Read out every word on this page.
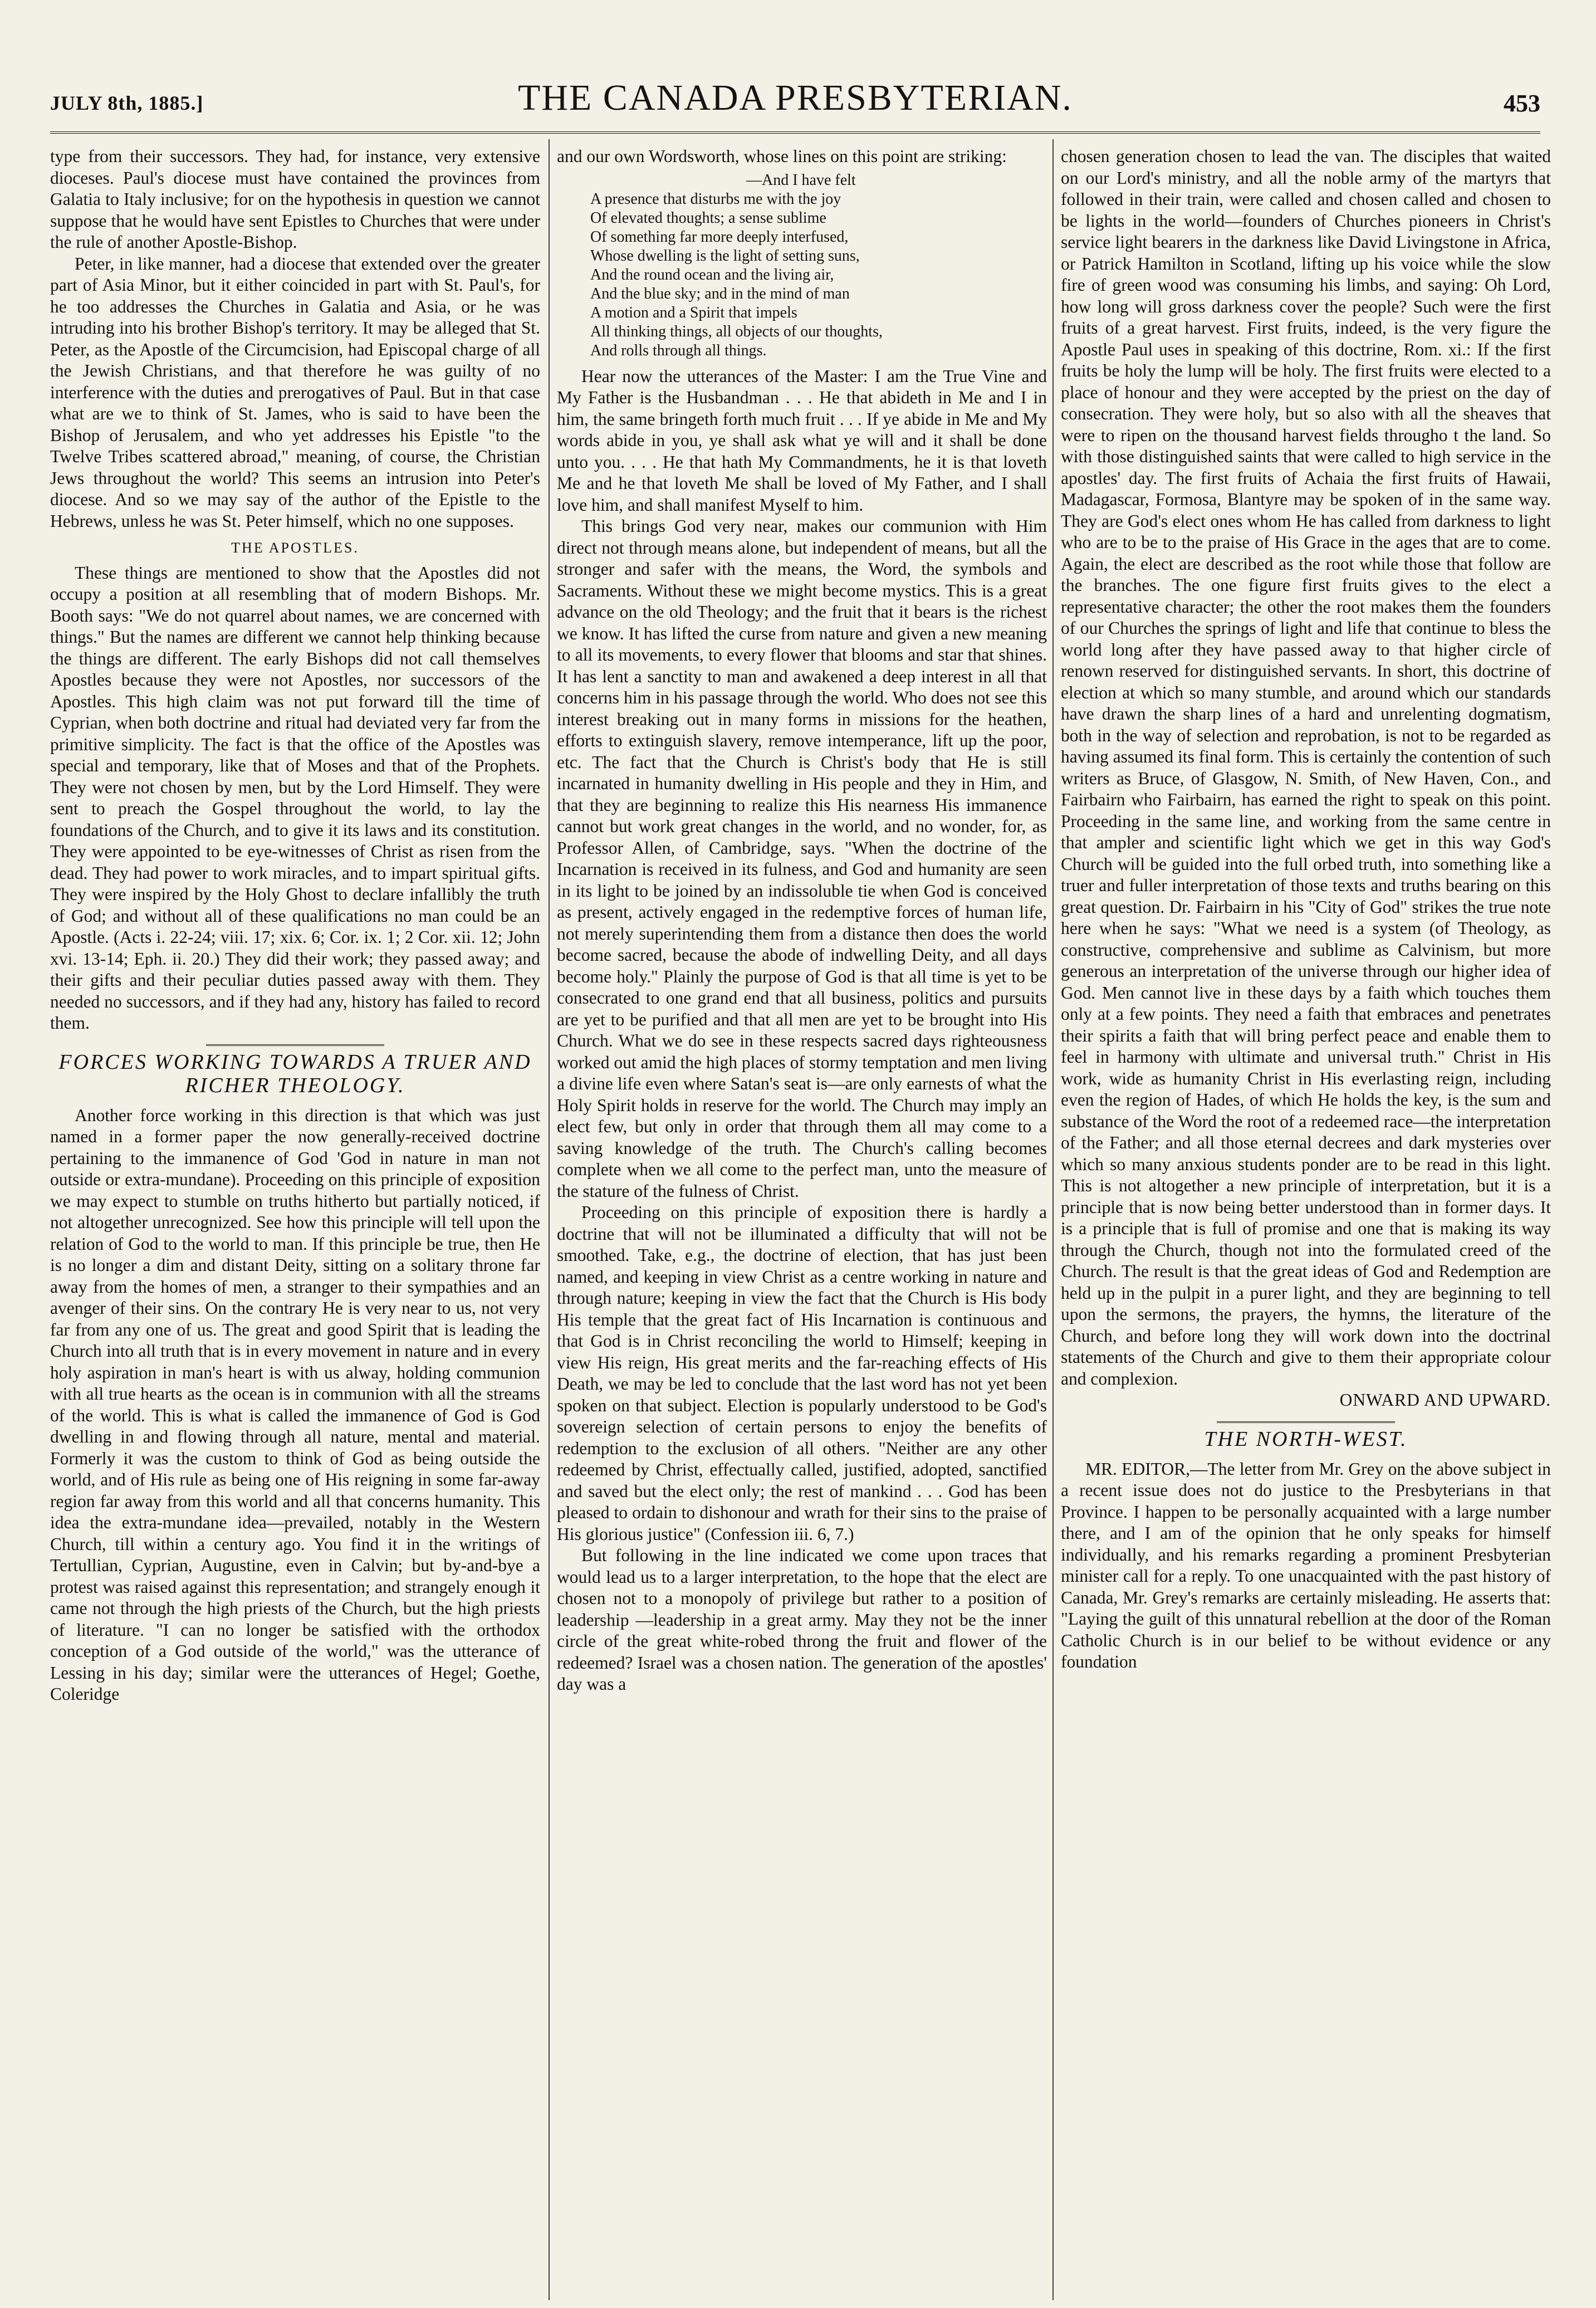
JULY 8th, 1885.]	THE CANADA PRESBYTERIAN.	453

type from their successors. They had, for instance, very extensive dioceses. Paul's diocese must have contained the provinces from Galatia to Italy inclusive; for on the hypothesis in question we cannot suppose that he would have sent Epistles to Churches that were under the rule of another Apostle-Bishop.

Peter, in like manner, had a diocese that extended over the greater part of Asia Minor, but it either coincided in part with St. Paul's, for he too addresses the Churches in Galatia and Asia, or he was intruding into his brother Bishop's territory. It may be alleged that St. Peter, as the Apostle of the Circumcision, had Episcopal charge of all the Jewish Christians, and that therefore he was guilty of no interference with the duties and prerogatives of Paul. But in that case what are we to think of St. James, who is said to have been the Bishop of Jerusalem, and who yet addresses his Epistle "to the Twelve Tribes scattered abroad," meaning, of course, the Christian Jews throughout the world? This seems an intrusion into Peter's diocese. And so we may say of the author of the Epistle to the Hebrews, unless he was St. Peter himself, which no one supposes.

THE APOSTLES.

These things are mentioned to show that the Apostles did not occupy a position at all resembling that of modern Bishops. Mr. Booth says: "We do not quarrel about names, we are concerned with things." But the names are different we cannot help thinking because the things are different. The early Bishops did not call themselves Apostles because they were not Apostles, nor successors of the Apostles. This high claim was not put forward till the time of Cyprian, when both doctrine and ritual had deviated very far from the primitive simplicity. The fact is that the office of the Apostles was special and temporary, like that of Moses and that of the Prophets. They were not chosen by men, but by the Lord Himself. They were sent to preach the Gospel throughout the world, to lay the foundations of the Church, and to give it its laws and its constitution. They were appointed to be eye-witnesses of Christ as risen from the dead. They had power to work miracles, and to impart spiritual gifts. They were inspired by the Holy Ghost to declare infallibly the truth of God; and without all of these qualifications no man could be an Apostle. (Acts i. 22-24; viii. 17; xix. 6; Cor. ix. 1; 2 Cor. xii. 12; John xvi. 13-14; Eph. ii. 20.) They did their work; they passed away; and their gifts and their peculiar duties passed away with them. They needed no successors, and if they had any, history has failed to record them.

FORCES WORKING TOWARDS A TRUER AND RICHER THEOLOGY.

Another force working in this direction is that which was just named in a former paper the now generally-received doctrine pertaining to the immanence of God 'God in nature in man not outside or extra-mundane). Proceeding on this principle of exposition we may expect to stumble on truths hitherto but partially noticed, if not altogether unrecognized. See how this principle will tell upon the relation of God to the world to man. If this principle be true, then He is no longer a dim and distant Deity, sitting on a solitary throne far away from the homes of men, a stranger to their sympathies and an avenger of their sins. On the contrary He is very near to us, not very far from any one of us. The great and good Spirit that is leading the Church into all truth that is in every movement in nature and in every holy aspiration in man's heart is with us alway, holding communion with all true hearts as the ocean is in communion with all the streams of the world. This is what is called the immanence of God is God dwelling in and flowing through all nature, mental and material. Formerly it was the custom to think of God as being outside the world, and of His rule as being one of His reigning in some far-away region far away from this world and all that concerns humanity. This idea the extra-mundane idea—prevailed, notably in the Western Church, till within a century ago. You find it in the writings of Tertullian, Cyprian, Augustine, even in Calvin; but by-and-bye a protest was raised against this representation; and strangely enough it came not through the high priests of the Church, but the high priests of literature. "I can no longer be satisfied with the orthodox conception of a God outside of the world," was the utterance of Lessing in his day; similar were the utterances of Hegel; Goethe, Coleridge

and our own Wordsworth, whose lines on this point are striking:

—And I have felt
A presence that disturbs me with the joy
Of elevated thoughts; a sense sublime
Of something far more deeply interfused,
Whose dwelling is the light of setting suns,
And the round ocean and the living air,
And the blue sky; and in the mind of man
A motion and a Spirit that impels
All thinking things, all objects of our thoughts,
And rolls through all things.

Hear now the utterances of the Master: I am the True Vine and My Father is the Husbandman . . . He that abideth in Me and I in him, the same bringeth forth much fruit . . . If ye abide in Me and My words abide in you, ye shall ask what ye will and it shall be done unto you. . . . He that hath My Commandments, he it is that loveth Me and he that loveth Me shall be loved of My Father, and I shall love him, and shall manifest Myself to him.

This brings God very near, makes our communion with Him direct not through means alone, but independent of means, but all the stronger and safer with the means, the Word, the symbols and Sacraments. Without these we might become mystics. This is a great advance on the old Theology; and the fruit that it bears is the richest we know. It has lifted the curse from nature and given a new meaning to all its movements, to every flower that blooms and star that shines. It has lent a sanctity to man and awakened a deep interest in all that concerns him in his passage through the world. Who does not see this interest breaking out in many forms in missions for the heathen, efforts to extinguish slavery, remove intemperance, lift up the poor, etc. The fact that the Church is Christ's body that He is still incarnated in humanity dwelling in His people and they in Him, and that they are beginning to realize this His nearness His immanence cannot but work great changes in the world, and no wonder, for, as Professor Allen, of Cambridge, says. "When the doctrine of the Incarnation is received in its fulness, and God and humanity are seen in its light to be joined by an indissoluble tie when God is conceived as present, actively engaged in the redemptive forces of human life, not merely superintending them from a distance then does the world become sacred, because the abode of indwelling Deity, and all days become holy." Plainly the purpose of God is that all time is yet to be consecrated to one grand end that all business, politics and pursuits are yet to be purified and that all men are yet to be brought into His Church. What we do see in these respects sacred days righteousness worked out amid the high places of stormy temptation and men living a divine life even where Satan's seat is—are only earnests of what the Holy Spirit holds in reserve for the world. The Church may imply an elect few, but only in order that through them all may come to a saving knowledge of the truth. The Church's calling becomes complete when we all come to the perfect man, unto the measure of the stature of the fulness of Christ.

Proceeding on this principle of exposition there is hardly a doctrine that will not be illuminated a difficulty that will not be smoothed. Take, e.g., the doctrine of election, that has just been named, and keeping in view Christ as a centre working in nature and through nature; keeping in view the fact that the Church is His body His temple that the great fact of His Incarnation is continuous and that God is in Christ reconciling the world to Himself; keeping in view His reign, His great merits and the far-reaching effects of His Death, we may be led to conclude that the last word has not yet been spoken on that subject. Election is popularly understood to be God's sovereign selection of certain persons to enjoy the benefits of redemption to the exclusion of all others. "Neither are any other redeemed by Christ, effectually called, justified, adopted, sanctified and saved but the elect only; the rest of mankind . . . God has been pleased to ordain to dishonour and wrath for their sins to the praise of His glorious justice" (Confession iii. 6, 7.)

But following in the line indicated we come upon traces that would lead us to a larger interpretation, to the hope that the elect are chosen not to a monopoly of privilege but rather to a position of leadership —leadership in a great army. May they not be the inner circle of the great white-robed throng the fruit and flower of the redeemed? Israel was a chosen nation. The generation of the apostles' day was a

chosen generation chosen to lead the van. The disciples that waited on our Lord's ministry, and all the noble army of the martyrs that followed in their train, were called and chosen called and chosen to be lights in the world—founders of Churches pioneers in Christ's service light bearers in the darkness like David Livingstone in Africa, or Patrick Hamilton in Scotland, lifting up his voice while the slow fire of green wood was consuming his limbs, and saying: Oh Lord, how long will gross darkness cover the people? Such were the first fruits of a great harvest. First fruits, indeed, is the very figure the Apostle Paul uses in speaking of this doctrine, Rom. xi.: If the first fruits be holy the lump will be holy. The first fruits were elected to a place of honour and they were accepted by the priest on the day of consecration. They were holy, but so also with all the sheaves that were to ripen on the thousand harvest fields througho t the land. So with those distinguished saints that were called to high service in the apostles' day. The first fruits of Achaia the first fruits of Hawaii, Madagascar, Formosa, Blantyre may be spoken of in the same way. They are God's elect ones whom He has called from darkness to light who are to be to the praise of His Grace in the ages that are to come. Again, the elect are described as the root while those that follow are the branches. The one figure first fruits gives to the elect a representative character; the other the root makes them the founders of our Churches the springs of light and life that continue to bless the world long after they have passed away to that higher circle of renown reserved for distinguished servants. In short, this doctrine of election at which so many stumble, and around which our standards have drawn the sharp lines of a hard and unrelenting dogmatism, both in the way of selection and reprobation, is not to be regarded as having assumed its final form. This is certainly the contention of such writers as Bruce, of Glasgow, N. Smith, of New Haven, Con., and Fairbairn who Fairbairn, has earned the right to speak on this point. Proceeding in the same line, and working from the same centre in that ampler and scientific light which we get in this way God's Church will be guided into the full orbed truth, into something like a truer and fuller interpretation of those texts and truths bearing on this great question. Dr. Fairbairn in his "City of God" strikes the true note here when he says: "What we need is a system (of Theology, as constructive, comprehensive and sublime as Calvinism, but more generous an interpretation of the universe through our higher idea of God. Men cannot live in these days by a faith which touches them only at a few points. They need a faith that embraces and penetrates their spirits a faith that will bring perfect peace and enable them to feel in harmony with ultimate and universal truth." Christ in His work, wide as humanity Christ in His everlasting reign, including even the region of Hades, of which He holds the key, is the sum and substance of the Word the root of a redeemed race—the interpretation of the Father; and all those eternal decrees and dark mysteries over which so many anxious students ponder are to be read in this light. This is not altogether a new principle of interpretation, but it is a principle that is now being better understood than in former days. It is a principle that is full of promise and one that is making its way through the Church, though not into the formulated creed of the Church. The result is that the great ideas of God and Redemption are held up in the pulpit in a purer light, and they are beginning to tell upon the sermons, the prayers, the hymns, the literature of the Church, and before long they will work down into the doctrinal statements of the Church and give to them their appropriate colour and complexion.

ONWARD AND UPWARD.
THE NORTH-WEST.

MR. EDITOR,—The letter from Mr. Grey on the above subject in a recent issue does not do justice to the Presbyterians in that Province. I happen to be personally acquainted with a large number there, and I am of the opinion that he only speaks for himself individually, and his remarks regarding a prominent Presbyterian minister call for a reply. To one unacquainted with the past history of Canada, Mr. Grey's remarks are certainly misleading. He asserts that: "Laying the guilt of this unnatural rebellion at the door of the Roman Catholic Church is in our belief to be without evidence or any foundation
